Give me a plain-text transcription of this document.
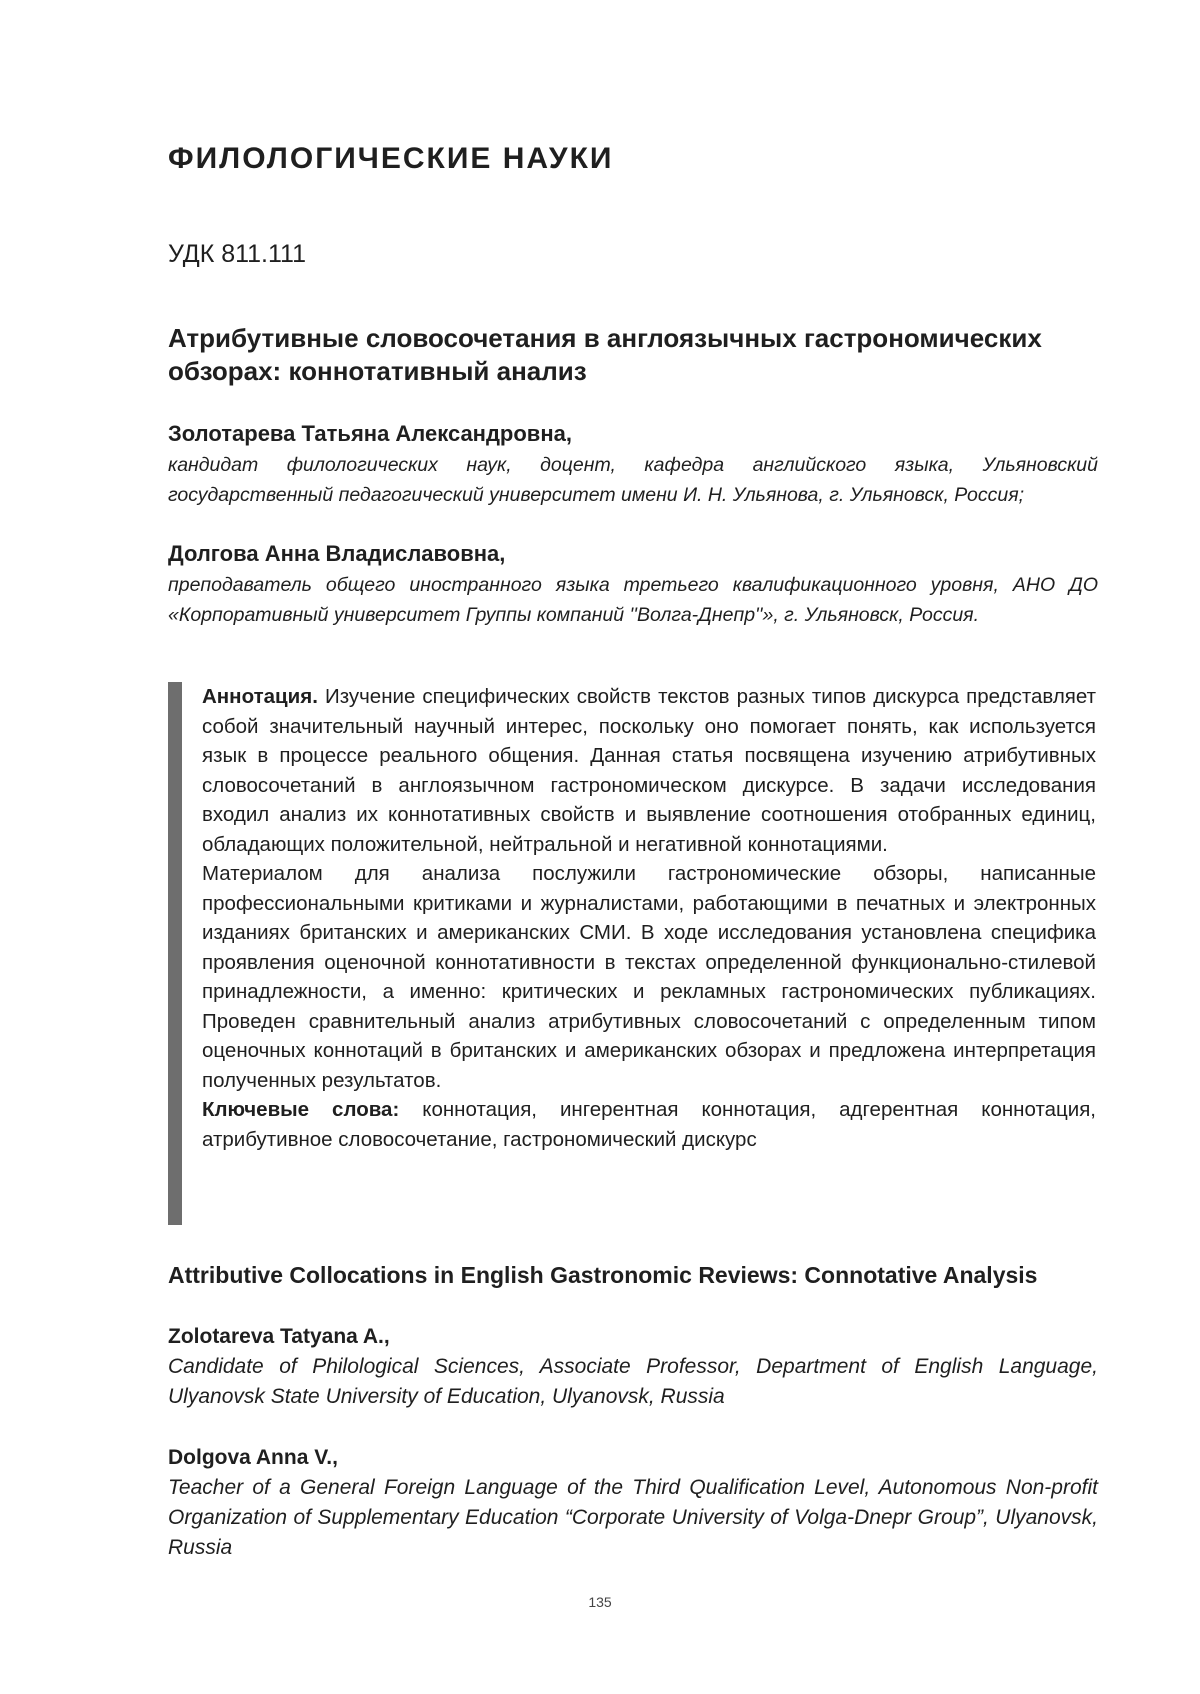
ФИЛОЛОГИЧЕСКИЕ НАУКИ

УДК 811.111

Атрибутивные словосочетания в англоязычных гастрономических обзорах: коннотативный анализ
Золотарева Татьяна Александровна,
кандидат филологических наук, доцент, кафедра английского языка, Ульяновский государственный педагогический университет имени И. Н. Ульянова, г. Ульяновск, Россия;
Долгова Анна Владиславовна,
преподаватель общего иностранного языка третьего квалификационного уровня, АНО ДО «Корпоративный университет Группы компаний ''Волга-Днепр''», г. Ульяновск, Россия.

Аннотация. Изучение специфических свойств текстов разных типов дискурса представляет собой значительный научный интерес, поскольку оно помогает понять, как используется язык в процессе реального общения. Данная статья посвящена изучению атрибутивных словосочетаний в англоязычном гастрономическом дискурсе. В задачи исследования входил анализ их коннотативных свойств и выявление соотношения отобранных единиц, обладающих положительной, нейтральной и негативной коннотациями.

Материалом для анализа послужили гастрономические обзоры, написанные профессиональными критиками и журналистами, работающими в печатных и электронных изданиях британских и американских СМИ. В ходе исследования установлена специфика проявления оценочной коннотативности в текстах определенной функционально-стилевой принадлежности, а именно: критических и рекламных гастрономических публикациях. Проведен сравнительный анализ атрибутивных словосочетаний с определенным типом оценочных коннотаций в британских и американских обзорах и предложена интерпретация полученных результатов.

Ключевые слова: коннотация, ингерентная коннотация, адгерентная коннотация, атрибутивное словосочетание, гастрономический дискурс

Attributive Collocations in English Gastronomic Reviews: Connotative Analysis
Zolotareva Tatyana A.,
Candidate of Philological Sciences, Associate Professor, Department of English Language, Ulyanovsk State University of Education, Ulyanovsk, Russia
Dolgova Anna V.,
Teacher of a General Foreign Language of the Third Qualification Level, Autonomous Non-profit Organization of Supplementary Education “Corporate University of Volga-Dnepr Group”, Ulyanovsk, Russia
135
